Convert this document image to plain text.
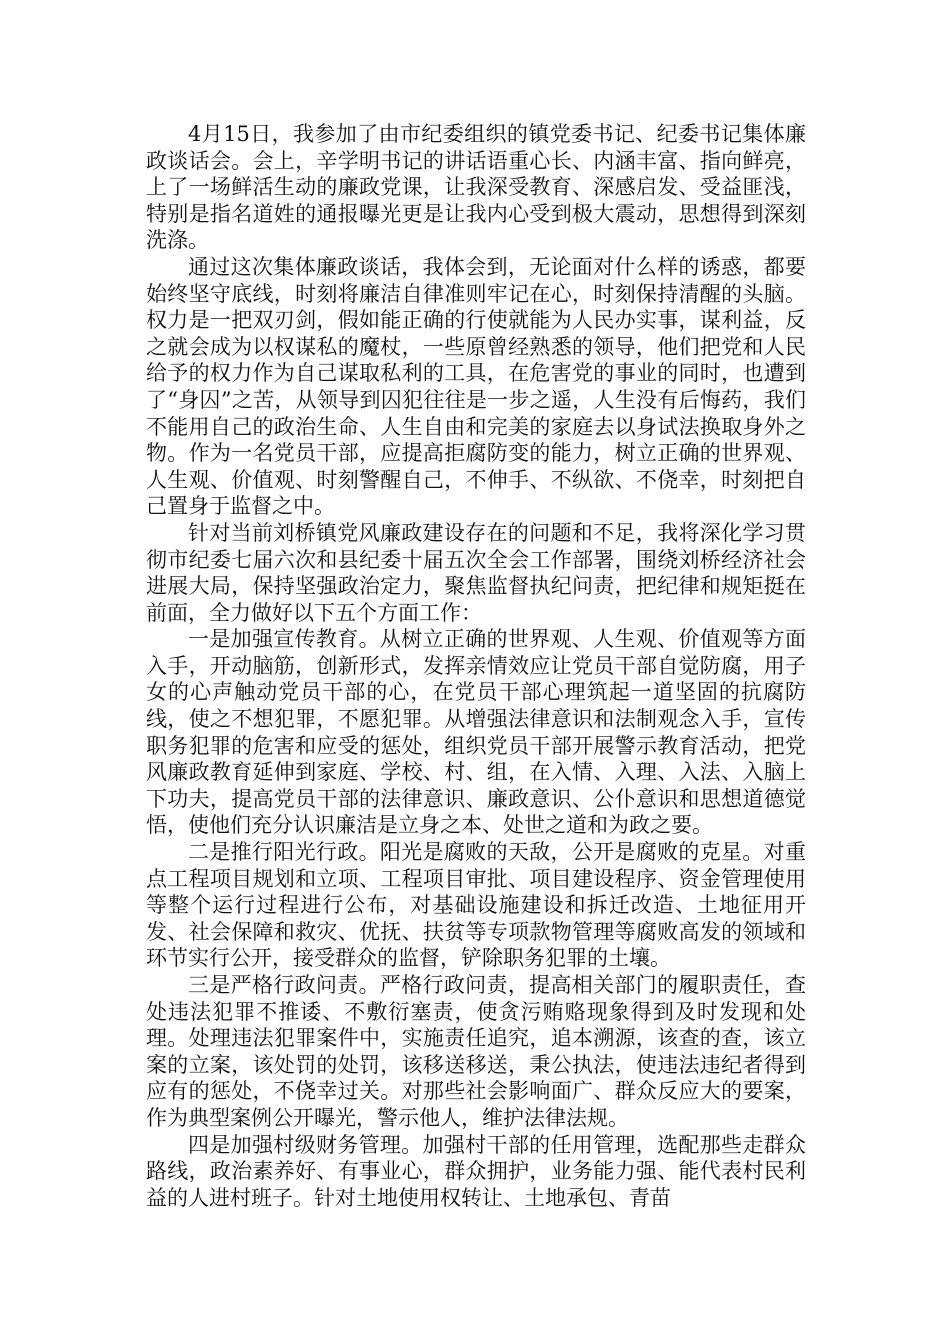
4月15日，我参加了由市纪委组织的镇党委书记、纪委书记集体廉政谈话会。会上，辛学明书记的讲话语重心长、内涵丰富、指向鲜亮，上了一场鲜活生动的廉政党课，让我深受教育、深感启发、受益匪浅，特别是指名道姓的通报曝光更是让我内心受到极大震动，思想得到深刻洗涤。

通过这次集体廉政谈话，我体会到，无论面对什么样的诱惑，都要始终坚守底线，时刻将廉洁自律准则牢记在心，时刻保持清醒的头脑。权力是一把双刃剑，假如能正确的行使就能为人民办实事，谋利益，反之就会成为以权谋私的魔杖，一些原曾经熟悉的领导，他们把党和人民给予的权力作为自己谋取私利的工具，在危害党的事业的同时，也遭到了“身囚”之苦，从领导到囚犯往往是一步之遥，人生没有后悔药，我们不能用自己的政治生命、人生自由和完美的家庭去以身试法换取身外之物。作为一名党员干部，应提高拒腐防变的能力，树立正确的世界观、人生观、价值观、时刻警醒自己，不伸手、不纵欲、不侥幸，时刻把自己置身于监督之中。

针对当前刘桥镇党风廉政建设存在的问题和不足，我将深化学习贯彻市纪委七届六次和县纪委十届五次全会工作部署，围绕刘桥经济社会进展大局，保持坚强政治定力，聚焦监督执纪问责，把纪律和规矩挺在前面，全力做好以下五个方面工作：

一是加强宣传教育。从树立正确的世界观、人生观、价值观等方面入手，开动脑筋，创新形式，发挥亲情效应让党员干部自觉防腐，用子女的心声触动党员干部的心，在党员干部心理筑起一道坚固的抗腐防线，使之不想犯罪，不愿犯罪。从增强法律意识和法制观念入手，宣传职务犯罪的危害和应受的惩处，组织党员干部开展警示教育活动，把党风廉政教育延伸到家庭、学校、村、组，在入情、入理、入法、入脑上下功夫，提高党员干部的法律意识、廉政意识、公仆意识和思想道德觉悟，使他们充分认识廉洁是立身之本、处世之道和为政之要。

二是推行阳光行政。阳光是腐败的天敌，公开是腐败的克星。对重点工程项目规划和立项、工程项目审批、项目建设程序、资金管理使用等整个运行过程进行公布，对基础设施建设和拆迁改造、土地征用开发、社会保障和救灾、优抚、扶贫等专项款物管理等腐败高发的领域和环节实行公开，接受群众的监督，铲除职务犯罪的土壤。

三是严格行政问责。严格行政问责，提高相关部门的履职责任，查处违法犯罪不推诿、不敷衍塞责，使贪污贿赂现象得到及时发现和处理。处理违法犯罪案件中，实施责任追究，追本溯源，该查的查，该立案的立案，该处罚的处罚，该移送移送，秉公执法，使违法违纪者得到应有的惩处，不侥幸过关。对那些社会影响面广、群众反应大的要案，作为典型案例公开曝光，警示他人，维护法律法规。

四是加强村级财务管理。加强村干部的任用管理，选配那些走群众路线，政治素养好、有事业心，群众拥护，业务能力强、能代表村民利益的人进村班子。针对土地使用权转让、土地承包、青苗
